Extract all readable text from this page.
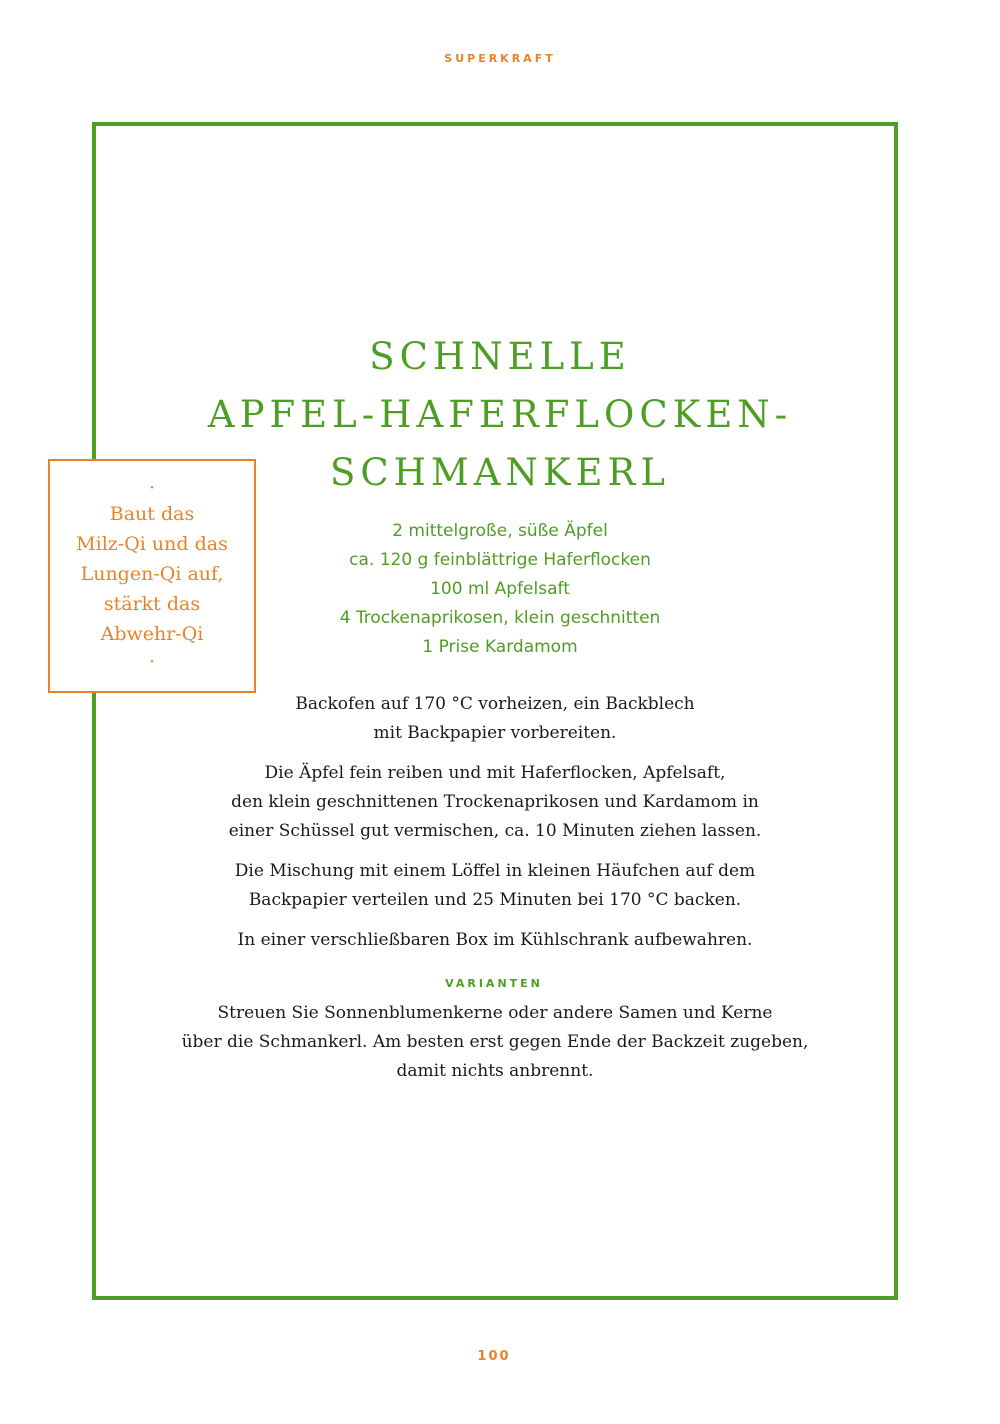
SUPERKRAFT
SCHNELLE
APFEL-HAFERFLOCKEN-
SCHMANKERL
·
Baut das
Milz-Qi und das
Lungen-Qi auf,
stärkt das
Abwehr-Qi
·
2 mittelgroße, süße Äpfel
ca. 120 g feinblättrige Haferflocken
100 ml Apfelsaft
4 Trockenaprikosen, klein geschnitten
1 Prise Kardamom

Backofen auf 170 °C vorheizen, ein Backblech
mit Backpapier vorbereiten.

Die Äpfel fein reiben und mit Haferflocken, Apfelsaft,
den klein geschnittenen Trockenaprikosen und Kardamom in
einer Schüssel gut vermischen, ca. 10 Minuten ziehen lassen.

Die Mischung mit einem Löffel in kleinen Häufchen auf dem
Backpapier verteilen und 25 Minuten bei 170 °C backen.

In einer verschließbaren Box im Kühlschrank aufbewahren.

VARIANTEN

Streuen Sie Sonnenblumenkerne oder andere Samen und Kerne
über die Schmankerl. Am besten erst gegen Ende der Backzeit zugeben,
damit nichts anbrennt.

100
